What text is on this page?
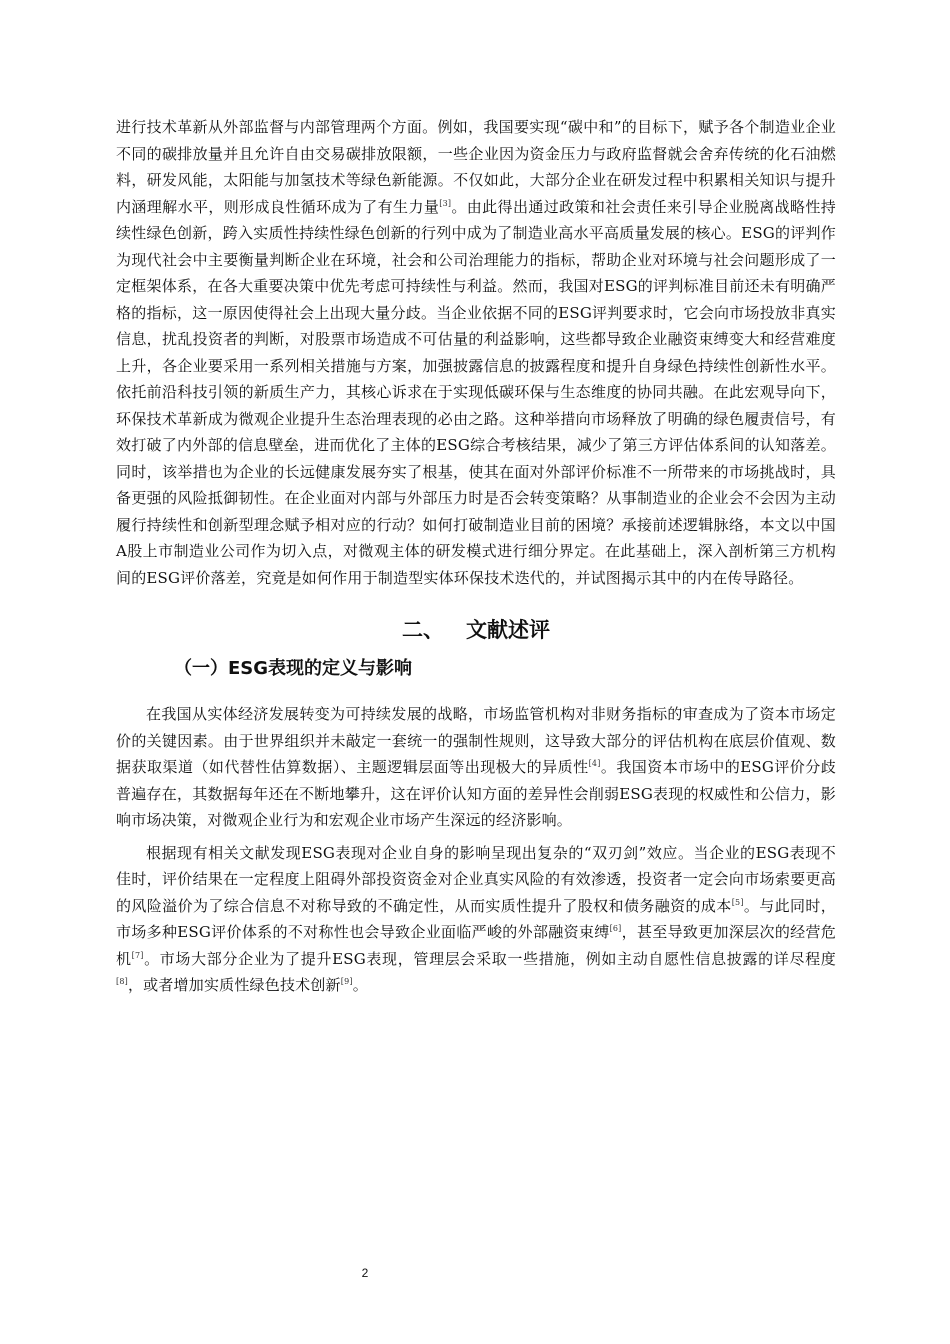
进行技术革新从外部监督与内部管理两个方面。例如，我国要实现“碳中和”的目标下，赋予各个制造业企业不同的碳排放量并且允许自由交易碳排放限额，一些企业因为资金压力与政府监督就会舍弃传统的化石油燃料，研发风能，太阳能与加氢技术等绿色新能源。不仅如此，大部分企业在研发过程中积累相关知识与提升内涵理解水平，则形成良性循环成为了有生力量[3]。由此得出通过政策和社会责任来引导企业脱离战略性持续性绿色创新，跨入实质性持续性绿色创新的行列中成为了制造业高水平高质量发展的核心。ESG的评判作为现代社会中主要衡量判断企业在环境，社会和公司治理能力的指标，帮助企业对环境与社会问题形成了一定框架体系，在各大重要决策中优先考虑可持续性与利益。然而，我国对ESG的评判标准目前还未有明确严格的指标，这一原因使得社会上出现大量分歧。当企业依据不同的ESG评判要求时，它会向市场投放非真实信息，扰乱投资者的判断，对股票市场造成不可估量的利益影响，这些都导致企业融资束缚变大和经营难度上升，各企业要采用一系列相关措施与方案，加强披露信息的披露程度和提升自身绿色持续性创新性水平。依托前沿科技引领的新质生产力，其核心诉求在于实现低碳环保与生态维度的协同共融。在此宏观导向下，环保技术革新成为微观企业提升生态治理表现的必由之路。这种举措向市场释放了明确的绿色履责信号，有效打破了内外部的信息壁垒，进而优化了主体的ESG综合考核结果，减少了第三方评估体系间的认知落差。同时，该举措也为企业的长远健康发展夯实了根基，使其在面对外部评价标准不一所带来的市场挑战时，具备更强的风险抵御韧性。在企业面对内部与外部压力时是否会转变策略？从事制造业的企业会不会因为主动履行持续性和创新型理念赋予相对应的行动？如何打破制造业目前的困境？承接前述逻辑脉络，本文以中国A股上市制造业公司作为切入点，对微观主体的研发模式进行细分界定。在此基础上，深入剖析第三方机构间的ESG评价落差，究竟是如何作用于制造型实体环保技术迭代的，并试图揭示其中的内在传导路径。

二、 文献述评
（一）ESG表现的定义与影响

在我国从实体经济发展转变为可持续发展的战略，市场监管机构对非财务指标的审查成为了资本市场定价的关键因素。由于世界组织并未敲定一套统一的强制性规则，这导致大部分的评估机构在底层价值观、数据获取渠道（如代替性估算数据）、主题逻辑层面等出现极大的异质性[4]。我国资本市场中的ESG评价分歧普遍存在，其数据每年还在不断地攀升，这在评价认知方面的差异性会削弱ESG表现的权威性和公信力，影响市场决策，对微观企业行为和宏观企业市场产生深远的经济影响。

根据现有相关文献发现ESG表现对企业自身的影响呈现出复杂的“双刃剑”效应。当企业的ESG表现不佳时，评价结果在一定程度上阻碍外部投资资金对企业真实风险的有效渗透，投资者一定会向市场索要更高的风险溢价为了综合信息不对称导致的不确定性，从而实质性提升了股权和债务融资的成本[5]。与此同时，市场多种ESG评价体系的不对称性也会导致企业面临严峻的外部融资束缚[6]，甚至导致更加深层次的经营危机[7]。市场大部分企业为了提升ESG表现，管理层会采取一些措施，例如主动自愿性信息披露的详尽程度[8]，或者增加实质性绿色技术创新[9]。

2
